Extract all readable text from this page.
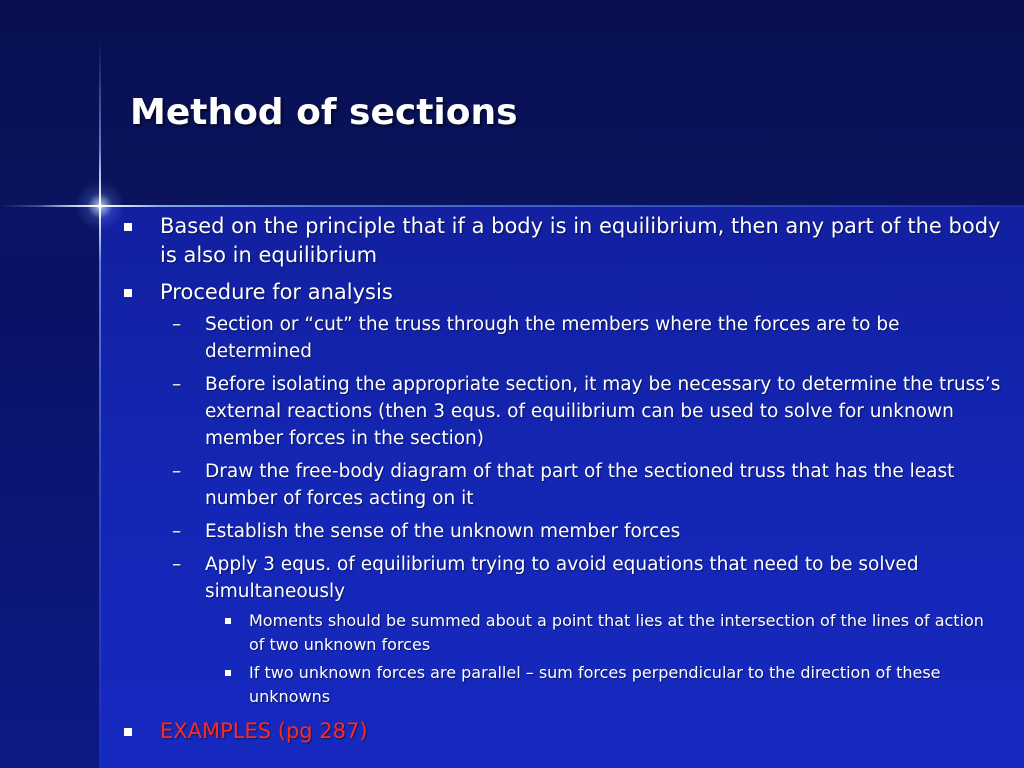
Method of sections
Based on the principle that if a body is in equilibrium, then any part of the body is also in equilibrium
Procedure for analysis
– Section or “cut” the truss through the members where the forces are to be determined
– Before isolating the appropriate section, it may be necessary to determine the truss’s external reactions (then 3 equs. of equilibrium can be used to solve for unknown member forces in the section)
– Draw the free-body diagram of that part of the sectioned truss that has the least number of forces acting on it
– Establish the sense of the unknown member forces
– Apply 3 equs. of equilibrium trying to avoid equations that need to be solved simultaneously
Moments should be summed about a point that lies at the intersection of the lines of action of two unknown forces
If two unknown forces are parallel – sum forces perpendicular to the direction of these unknowns
EXAMPLES (pg 287)
